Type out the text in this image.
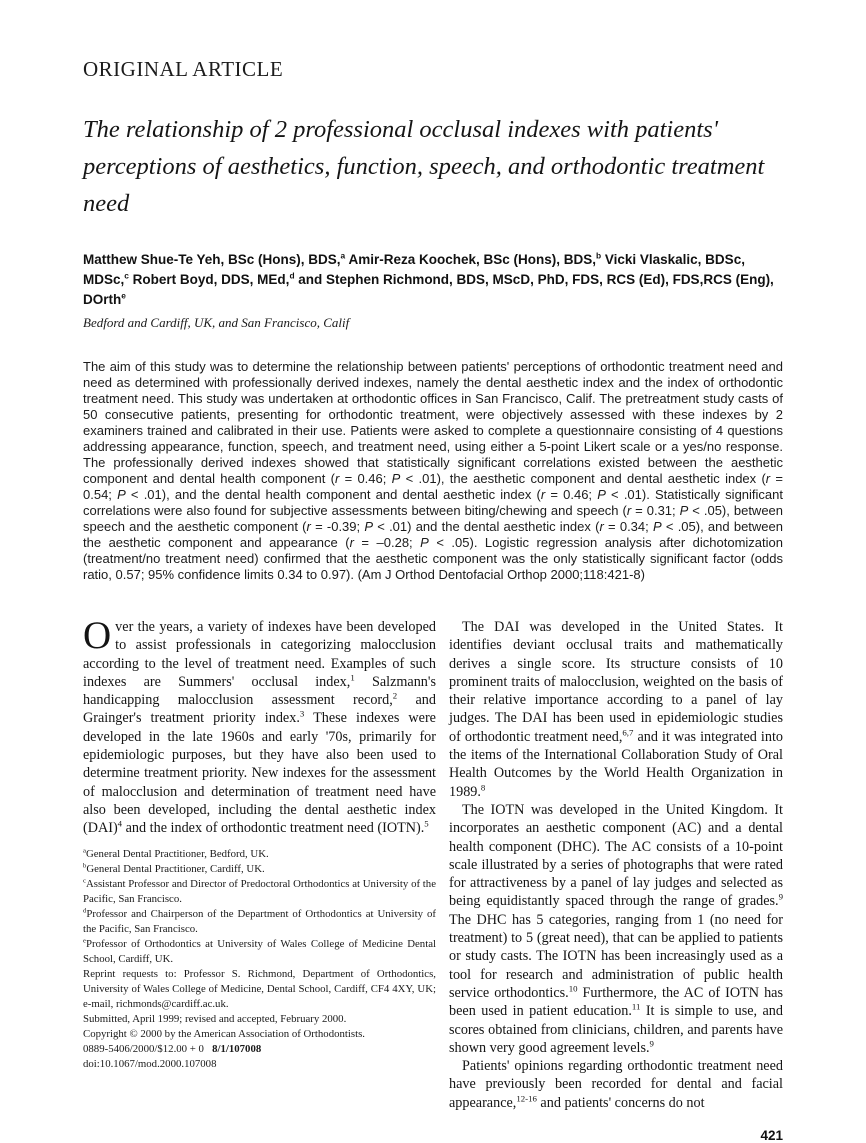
ORIGINAL ARTICLE
The relationship of 2 professional occlusal indexes with patients' perceptions of aesthetics, function, speech, and orthodontic treatment need

Matthew Shue-Te Yeh, BSc (Hons), BDS,$^a$ Amir-Reza Koochek, BSc (Hons), BDS,$^b$ Vicki Vlaskalic, BDSc, MDSc,$^c$ Robert Boyd, DDS, MEd,$^d$ and Stephen Richmond, BDS, MScD, PhD, FDS, RCS (Ed), FDS,RCS (Eng), DOrth$^e$

Bedford and Cardiff, UK, and San Francisco, Calif

The aim of this study was to determine the relationship between patients' perceptions of orthodontic treatment need and need as determined with professionally derived indexes, namely the dental aesthetic index and the index of orthodontic treatment need. This study was undertaken at orthodontic offices in San Francisco, Calif. The pretreatment study casts of 50 consecutive patients, presenting for orthodontic treatment, were objectively assessed with these indexes by 2 examiners trained and calibrated in their use. Patients were asked to complete a questionnaire consisting of 4 questions addressing appearance, function, speech, and treatment need, using either a 5-point Likert scale or a yes/no response. The professionally derived indexes showed that statistically significant correlations existed between the aesthetic component and dental health component (r = 0.46; P < .01), the aesthetic component and dental aesthetic index (r = 0.54; P < .01), and the dental health component and dental aesthetic index (r = 0.46; P < .01). Statistically significant correlations were also found for subjective assessments between biting/chewing and speech (r = 0.31; P < .05), between speech and the aesthetic component (r = -0.39; P < .01) and the dental aesthetic index (r = 0.34; P < .05), and between the aesthetic component and appearance (r = –0.28; P < .05). Logistic regression analysis after dichotomization (treatment/no treatment need) confirmed that the aesthetic component was the only statistically significant factor (odds ratio, 0.57; 95% confidence limits 0.34 to 0.97). (Am J Orthod Dentofacial Orthop 2000;118:421-8)

Over the years, a variety of indexes have been developed to assist professionals in categorizing malocclusion according to the level of treatment need. Examples of such indexes are Summers' occlusal index,$^1$ Salzmann's handicapping malocclusion assessment record,$^2$ and Grainger's treatment priority index.$^3$ These indexes were developed in the late 1960s and early '70s, primarily for epidemiologic purposes, but they have also been used to determine treatment priority. New indexes for the assessment of malocclusion and determination of treatment need have also been developed, including the dental aesthetic index (DAI)$^4$ and the index of orthodontic treatment need (IOTN).$^5$

$^a$General Dental Practitioner, Bedford, UK.
$^b$General Dental Practitioner, Cardiff, UK.
$^c$Assistant Professor and Director of Predoctoral Orthodontics at University of the Pacific, San Francisco.
$^d$Professor and Chairperson of the Department of Orthodontics at University of the Pacific, San Francisco.
$^e$Professor of Orthodontics at University of Wales College of Medicine Dental School, Cardiff, UK.
Reprint requests to: Professor S. Richmond, Department of Orthodontics, University of Wales College of Medicine, Dental School, Cardiff, CF4 4XY, UK; e-mail, richmonds@cardiff.ac.uk.
Submitted, April 1999; revised and accepted, February 2000.
Copyright © 2000 by the American Association of Orthodontists.
0889-5406/2000/$12.00 + 0   8/1/107008
doi:10.1067/mod.2000.107008

The DAI was developed in the United States. It identifies deviant occlusal traits and mathematically derives a single score. Its structure consists of 10 prominent traits of malocclusion, weighted on the basis of their relative importance according to a panel of lay judges. The DAI has been used in epidemiologic studies of orthodontic treatment need,$^{6,7}$ and it was integrated into the items of the International Collaboration Study of Oral Health Outcomes by the World Health Organization in 1989.$^8$

The IOTN was developed in the United Kingdom. It incorporates an aesthetic component (AC) and a dental health component (DHC). The AC consists of a 10-point scale illustrated by a series of photographs that were rated for attractiveness by a panel of lay judges and selected as being equidistantly spaced through the range of grades.$^9$ The DHC has 5 categories, ranging from 1 (no need for treatment) to 5 (great need), that can be applied to patients or study casts. The IOTN has been increasingly used as a tool for research and administration of public health service orthodontics.$^{10}$ Furthermore, the AC of IOTN has been used in patient education.$^{11}$ It is simple to use, and scores obtained from clinicians, children, and parents have shown very good agreement levels.$^9$

Patients' opinions regarding orthodontic treatment need have previously been recorded for dental and facial appearance,$^{12-16}$ and patients' concerns do not

421
